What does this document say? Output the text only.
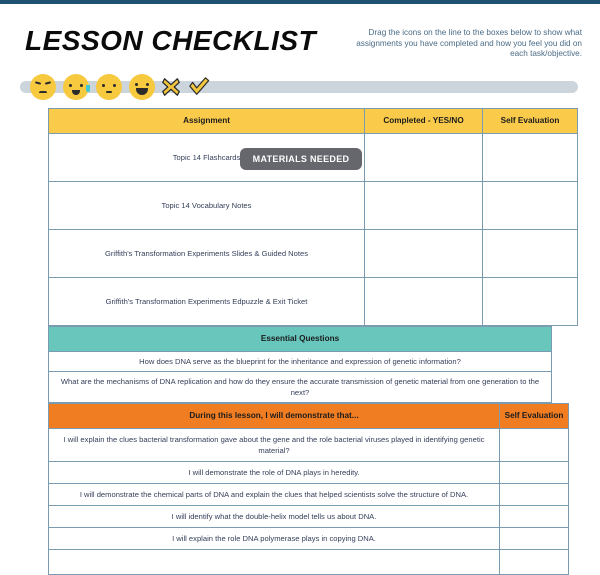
LESSON CHECKLIST	Drag the icons on the line to the boxes below to show what assignments you have completed and how you feel you did on each task/objective.
MATERIALS NEEDED
Assignment	Completed - YES/NO	Self Evaluation
Topic 14 Flashcards		
Topic 14 Vocabulary Notes		
Griffith's Transformation Experiments Slides & Guided Notes		
Griffith's Transformation Experiments Edpuzzle & Exit Ticket		
Essential Questions
How does DNA serve as the blueprint for the inheritance and expression of genetic information?
What are the mechanisms of DNA replication and how do they ensure the accurate transmission of genetic material from one generation to the next?
During this lesson, I will demonstrate that...	Self Evaluation
I will explain the clues bacterial transformation gave about the gene and the role bacterial viruses played in identifying genetic material?	
I will demonstrate the role of DNA plays in heredity.	
I will demonstrate the chemical parts of DNA and explain the clues that helped scientists solve the structure of DNA.	
I will identify what the double-helix model tells us about DNA.	
I will explain the role DNA polymerase plays in copying DNA.	
